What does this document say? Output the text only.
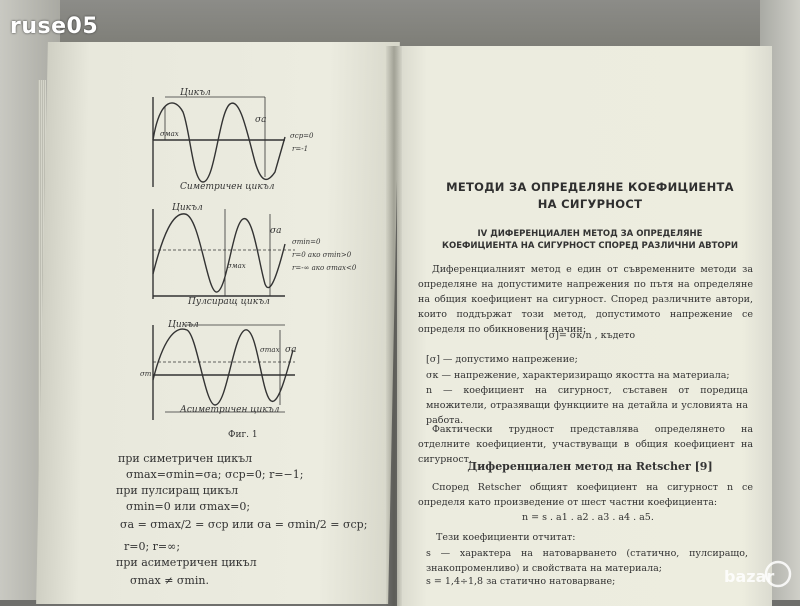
ruse05
Цикъл
σа
σмах	σср=0
r=-1
Симетричен цикъл
Цикъл
σа
σмах
σmin=0
r=0 ако σmin>0
r=-∞ ако σmах<0
Пулсиращ цикъл
Цикъл
σа
σmax
σm
Асиметричен цикъл
Фиг. 1
при симетричен цикъл
σmax=σmin=σa; σср=0; r=−1;
при пулсиращ цикъл
σmin=0 или σmax=0;
σa = σmax/2 = σср или σa = σmin/2 = σср;
r=0; r=∞;
при асиметричен цикъл
σmax ≠ σmin.
МЕТОДИ ЗА ОПРЕДЕЛЯНЕ КОЕФИЦИЕНТА
НА СИГУРНОСТ
IV ДИФЕРЕНЦИАЛЕН МЕТОД ЗА ОПРЕДЕЛЯНЕ
КОЕФИЦИЕНТА НА СИГУРНОСТ СПОРЕД РАЗЛИЧНИ АВТОРИ
Диференциалният метод е един от съвременните методи за определяне на допустимите напрежения по пътя на определяне на общия коефициент на сигурност. Според различните автори, които поддържат този метод, допустимото напрежение се определя по обикновения начин:
[σ]= σк/n , където
[σ] — допустимо напрежение;
σк — напрежение, характеризиращо якостта на материала;
n — коефициент на сигурност, съставен от поредица множители, отразяващи функциите на детайла и условията на работа.
Фактически трудност представлява определянето на отделните коефициенти, участвуващи в общия коефициент на сигурност.
Диференциален метод на Retscher [9]
Според Retscher общият коефициент на сигурност n се определя като произведение от шест частни коефициента:
n = s . a1 . a2 . a3 . a4 . a5.
Тези коефициенти отчитат:
s — характера на натоварването (статично, пулсиращо, знакопроменливо) и свойствата на материала;
s = 1,4÷1,8 за статично натоварване;	bazar
